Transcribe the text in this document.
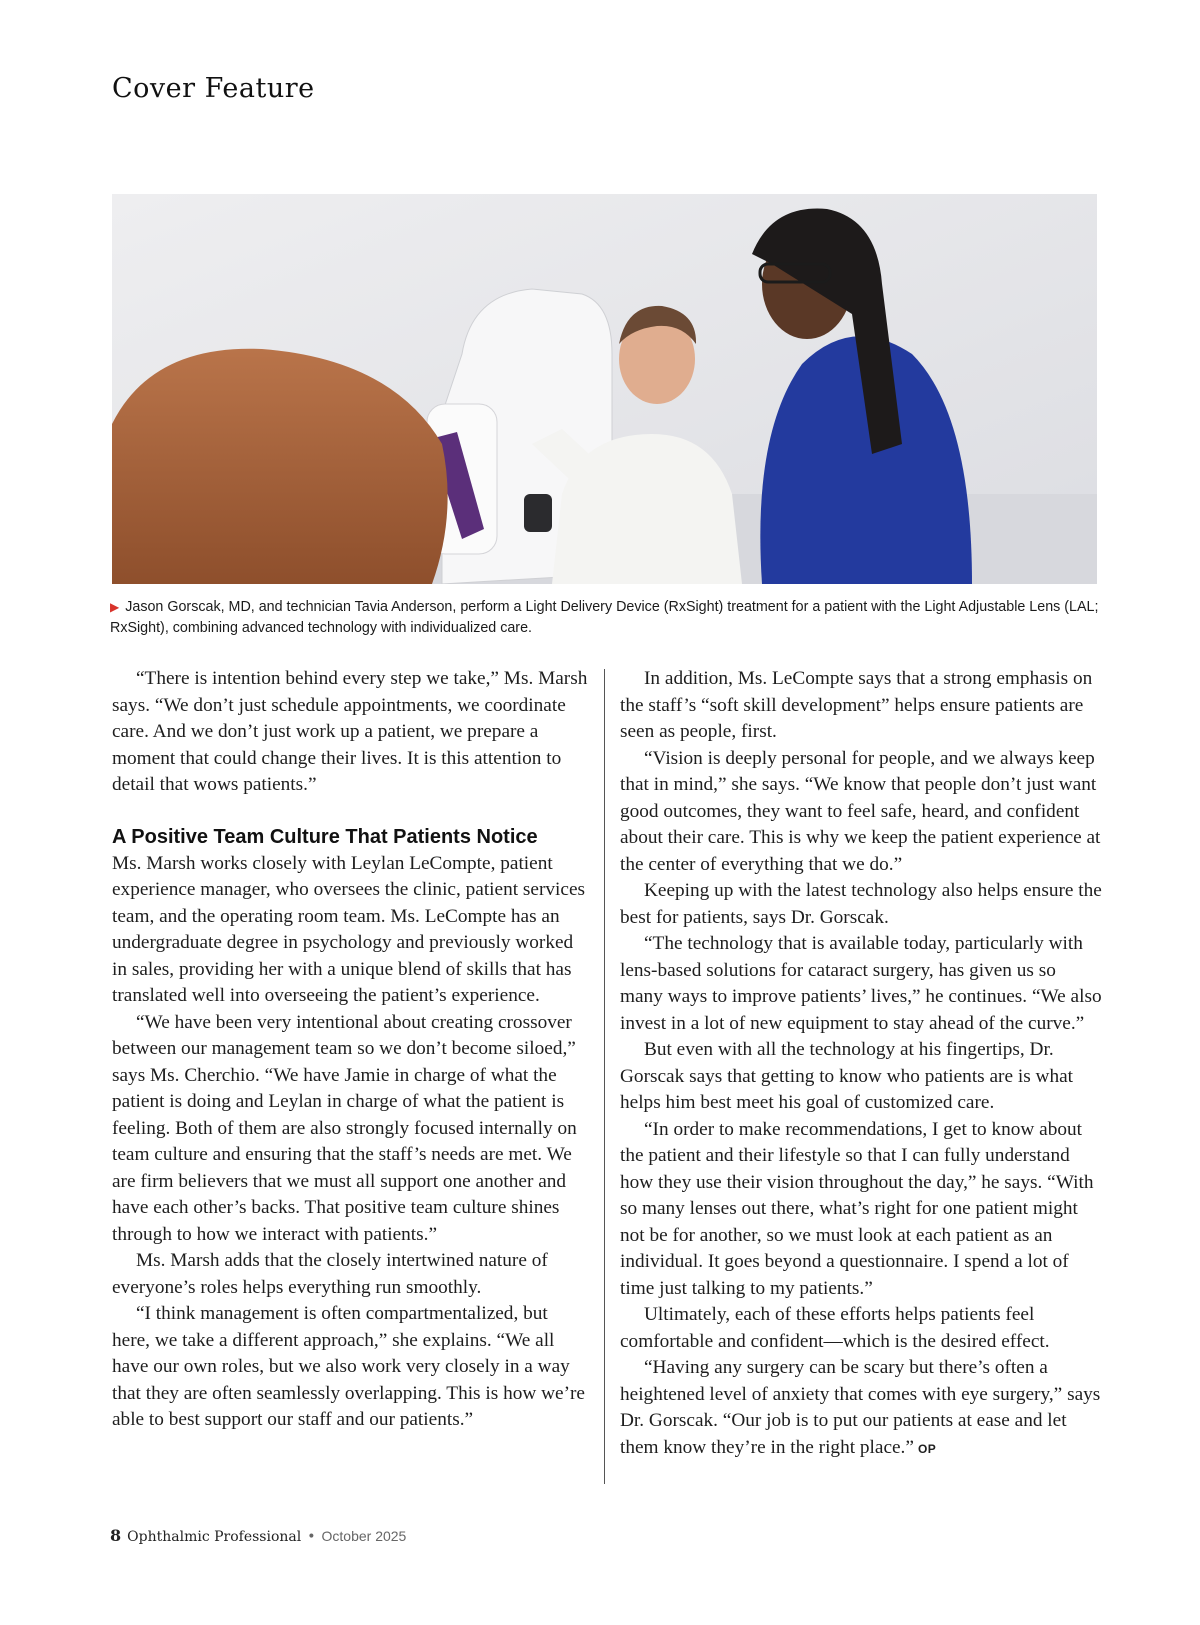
Cover Feature
▶ Jason Gorscak, MD, and technician Tavia Anderson, perform a Light Delivery Device (RxSight) treatment for a patient with the Light Adjustable Lens (LAL; RxSight), combining advanced technology with individualized care.

“There is intention behind every step we take,” Ms. Marsh says. “We don’t just schedule appointments, we coordinate care. And we don’t just work up a patient, we prepare a moment that could change their lives. It is this attention to detail that wows patients.”

A Positive Team Culture That Patients Notice

Ms. Marsh works closely with Leylan LeCompte, patient experience manager, who oversees the clinic, patient services team, and the operating room team. Ms. LeCompte has an undergraduate degree in psychology and previously worked in sales, providing her with a unique blend of skills that has translated well into overseeing the patient’s experience.

“We have been very intentional about creating crossover between our management team so we don’t become siloed,” says Ms. Cherchio. “We have Jamie in charge of what the patient is doing and Leylan in charge of what the patient is feeling. Both of them are also strongly focused internally on team culture and ensuring that the staff’s needs are met. We are firm believers that we must all support one another and have each other’s backs. That positive team culture shines through to how we interact with patients.”

Ms. Marsh adds that the closely intertwined nature of everyone’s roles helps everything run smoothly.

“I think management is often compartmentalized, but here, we take a different approach,” she explains. “We all have our own roles, but we also work very closely in a way that they are often seamlessly overlapping. This is how we’re able to best support our staff and our patients.”

In addition, Ms. LeCompte says that a strong emphasis on the staff’s “soft skill development” helps ensure patients are seen as people, first.

“Vision is deeply personal for people, and we always keep that in mind,” she says. “We know that people don’t just want good outcomes, they want to feel safe, heard, and confident about their care. This is why we keep the patient experience at the center of everything that we do.”

Keeping up with the latest technology also helps ensure the best for patients, says Dr. Gorscak.

“The technology that is available today, particularly with lens-based solutions for cataract surgery, has given us so many ways to improve patients’ lives,” he continues. “We also invest in a lot of new equipment to stay ahead of the curve.”

But even with all the technology at his fingertips, Dr. Gorscak says that getting to know who patients are is what helps him best meet his goal of customized care.

“In order to make recommendations, I get to know about the patient and their lifestyle so that I can fully understand how they use their vision throughout the day,” he says. “With so many lenses out there, what’s right for one patient might not be for another, so we must look at each patient as an individual. It goes beyond a questionnaire. I spend a lot of time just talking to my patients.”

Ultimately, each of these efforts helps patients feel comfortable and confident—which is the desired effect.

“Having any surgery can be scary but there’s often a heightened level of anxiety that comes with eye surgery,” says Dr. Gorscak. “Our job is to put our patients at ease and let them know they’re in the right place.” OP

8 Ophthalmic Professional • October 2025
